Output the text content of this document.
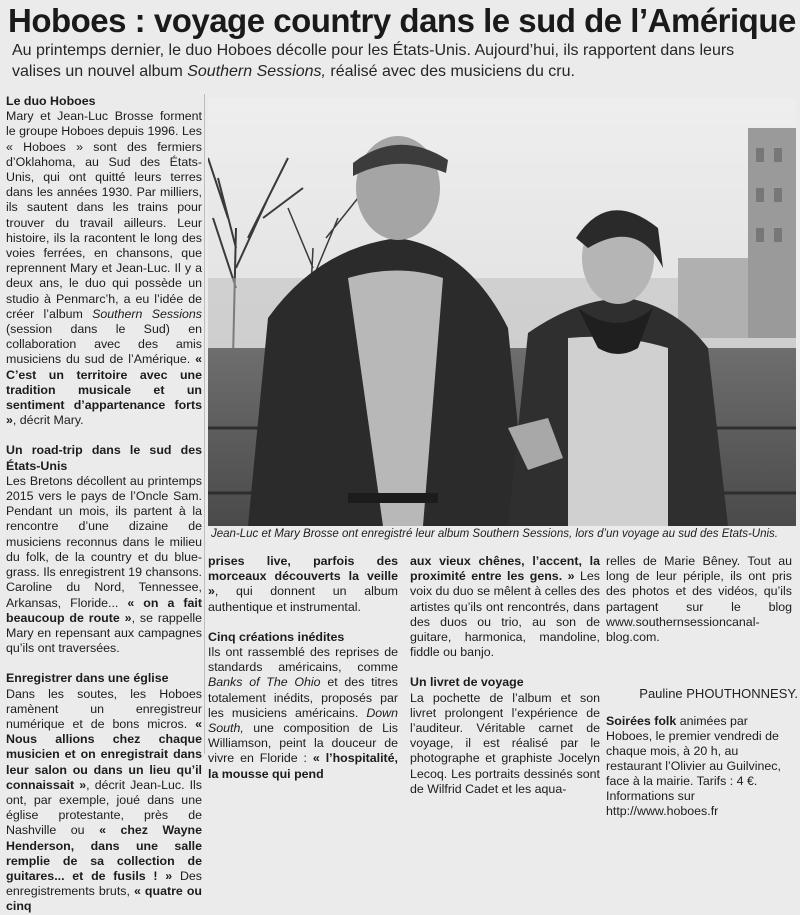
Hoboes : voyage country dans le sud de l’Amérique
Au printemps dernier, le duo Hoboes décolle pour les États-Unis. Aujourd’hui, ils rapportent dans leurs valises un nouvel album Southern Sessions, réalisé avec des musiciens du cru.
Jean-Luc et Mary Brosse ont enregistré leur album Southern Sessions, lors d’un voyage au sud des États-Unis.

Le duo Hoboes

Mary et Jean-Luc Brosse forment le groupe Hoboes depuis 1996. Les « Hoboes » sont des fermiers d’Oklahoma, au Sud des États-Unis, qui ont quitté leurs terres dans les années 1930. Par milliers, ils sautent dans les trains pour trouver du travail ailleurs. Leur histoire, ils la racontent le long des voies ferrées, en chansons, que reprennent Mary et Jean-Luc. Il y a deux ans, le duo qui possède un studio à Penmarc’h, a eu l’idée de créer l’album Southern Sessions (session dans le Sud) en collaboration avec des amis musiciens du sud de l’Amérique. « C’est un territoire avec une tradition musicale et un sentiment d’appartenance forts », décrit Mary.

Un road-trip dans le sud des États-Unis

Les Bretons décollent au printemps 2015 vers le pays de l’Oncle Sam. Pendant un mois, ils partent à la rencontre d’une dizaine de musiciens reconnus dans le milieu du folk, de la country et du blue-grass. Ils enregistrent 19 chansons. Caroline du Nord, Tennessee, Arkansas, Floride... « on a fait beaucoup de route », se rappelle Mary en repensant aux campagnes qu’ils ont traversées.

Enregistrer dans une église

Dans les soutes, les Hoboes ramènent un enregistreur numérique et de bons micros. « Nous allions chez chaque musicien et on enregistrait dans leur salon ou dans un lieu qu’il connaissait », décrit Jean-Luc. Ils ont, par exemple, joué dans une église protestante, près de Nashville ou « chez Wayne Henderson, dans une salle remplie de sa collection de guitares... et de fusils ! » Des enregistrements bruts, « quatre ou cinq

prises live, parfois des morceaux découverts la veille », qui donnent un album authentique et instrumental.

Cinq créations inédites

Ils ont rassemblé des reprises de standards américains, comme Banks of The Ohio et des titres totalement inédits, proposés par les musiciens américains. Down South, une composition de Lis Williamson, peint la douceur de vivre en Floride : « l’hospitalité, la mousse qui pend

aux vieux chênes, l’accent, la proximité entre les gens. » Les voix du duo se mêlent à celles des artistes qu’ils ont rencontrés, dans des duos ou trio, au son de guitare, harmonica, mandoline, fiddle ou banjo.

Un livret de voyage

La pochette de l’album et son livret prolongent l’expérience de l’auditeur. Véritable carnet de voyage, il est réalisé par le photographe et graphiste Jocelyn Lecoq. Les portraits dessinés sont de Wilfrid Cadet et les aqua-

relles de Marie Bêney. Tout au long de leur périple, ils ont pris des photos et des vidéos, qu’ils partagent sur le blog www.southernsessioncanal-blog.com.

Pauline PHOUTHONNESY.
Soirées folk animées par Hoboes, le premier vendredi de chaque mois, à 20 h, au restaurant l’Olivier au Guilvinec, face à la mairie. Tarifs : 4 €. Informations sur http://www.hoboes.fr
